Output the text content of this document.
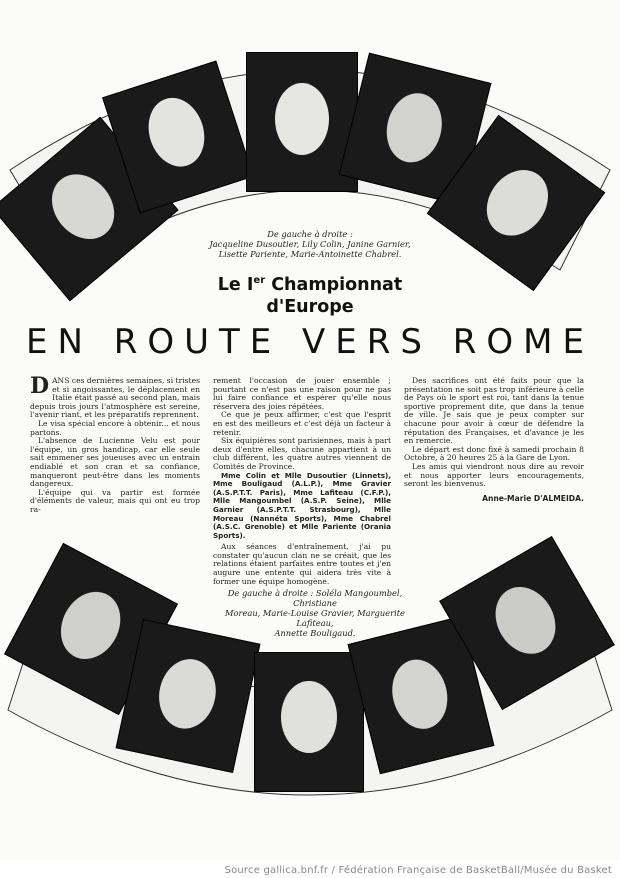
De gauche à droite :
Jacqueline Dusoutier, Lily Colin, Janine Garnier,
Lisette Pariente, Marie-Antoinette Chabrel.
Le Ier Championnat
d'Europe
EN ROUTE VERS ROME

DANS ces dernières semaines, si tristes et si angoissantes, le déplacement en Italie était passé au second plan, mais depuis trois jours l'atmosphère est sereine, l'avenir riant, et les préparatifs reprennent.

Le visa spécial encore à obtenir... et nous partons.

L'absence de Lucienne Velu est pour l'équipe, un gros handicap, car elle seule sait emmener ses joueuses avec un entrain endiablé et son cran et sa confiance, manqueront peut-être dans les moments dangereux.

L'équipe qui va partir est formée d'éléments de valeur, mais qui ont eu trop ra-

rement l'occasion de jouer ensemble ; pourtant ce n'est pas une raison pour ne pas lui faire confiance et espérer qu'elle nous réservera des joies répétées.

Ce que je peux affirmer, c'est que l'esprit en est des meilleurs et c'est déjà un facteur à retenir.

Six équipières sont parisiennes, mais à part deux d'entre elles, chacune appartient à un club différent, les quatre autres viennent de Comités de Province.

Mme Colin et Mlle Dusoutier (Linnets), Mme Bouligaud (A.L.P.), Mme Gravier (A.S.P.T.T. Paris), Mme Lafiteau (C.F.P.), Mlle Mangoumbel (A.S.P. Seine), Mlle Garnier (A.S.P.T.T. Strasbourg), Mlle Moreau (Nannéta Sports), Mme Chabrel (A.S.C. Grenoble) et Mlle Pariente (Orania Sports).

Aux séances d'entraînement, j'ai pu constater qu'aucun clan ne se créait, que les relations étaient parfaites entre toutes et j'en augure une entente qui aidera très vite à former une équipe homogène.

Des sacrifices ont été faits pour que la présentation ne soit pas trop inférieure à celle de Pays où le sport est roi, tant dans la tenue sportive proprement dite, que dans la tenue de ville. Je sais que je peux compter sur chacune pour avoir à cœur de défendre la réputation des Françaises, et d'avance je les en remercie.

Le départ est donc fixé à samedi prochain 8 Octobre, à 20 heures 25 à la Gare de Lyon.

Les amis qui viendront nous dire au revoir et nous apporter leurs encouragements, seront les bienvenus.

Anne-Marie D'ALMEIDA.
De gauche à droite : Soléla Mangoumbel, Christiane
Moreau, Marie-Louise Gravier, Marguerite Lafiteau,
Annette Bouligaud.
Source gallica.bnf.fr / Fédération Française de BasketBall/Musée du Basket
